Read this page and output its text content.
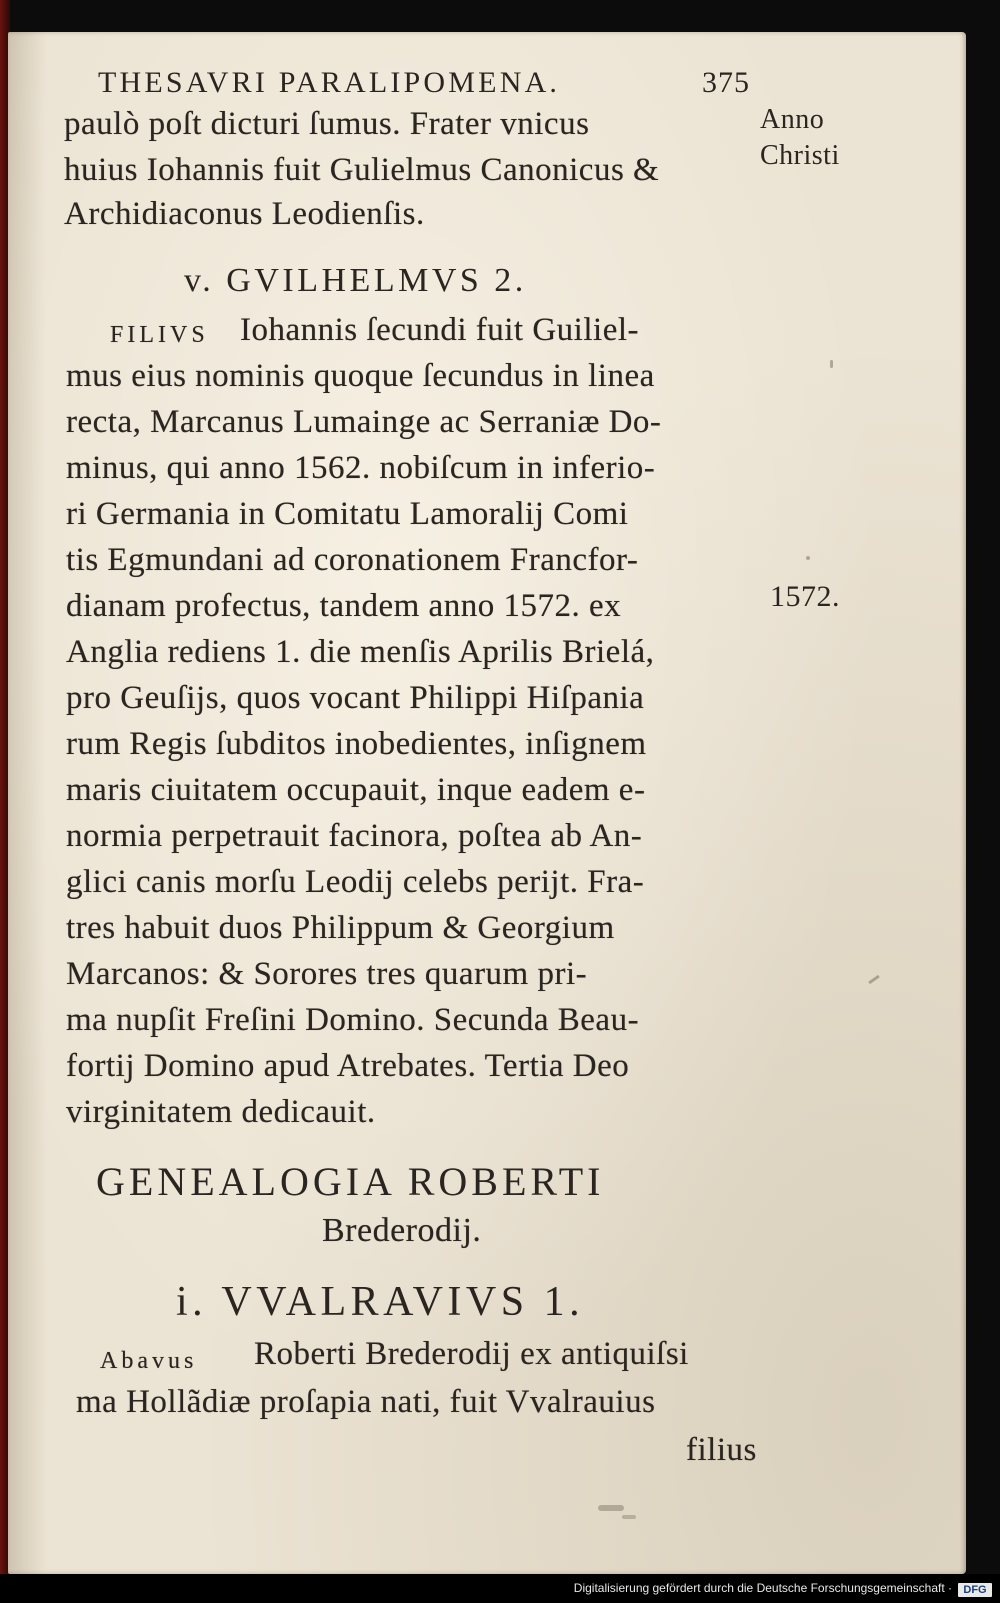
THESAVRI PARALIPOMENA.	375
Anno
Christi
1572.
paulò poſt dicturi ſumus. Frater vnicus
huius Iohannis fuit Gulielmus Canonicus &
Archidiaconus Leodienſis.
v. GVILHELMVS 2.
FILIVS Iohannis ſecundi fuit Guiliel-
mus eius nominis quoque ſecundus in linea
recta, Marcanus Lumainge ac Serraniæ Do-
minus, qui anno 1562. nobiſcum in inferio-
ri Germania in Comitatu Lamoralij Comi
tis Egmundani ad coronationem Francfor-
dianam profectus, tandem anno 1572. ex
Anglia rediens 1. die menſis Aprilis Brielá,
pro Geuſijs, quos vocant Philippi Hiſpania
rum Regis ſubditos inobedientes, inſignem
maris ciuitatem occupauit, inque eadem e-
normia perpetrauit facinora, poſtea ab An-
glici canis morſu Leodij celebs perijt. Fra-
tres habuit duos Philippum & Georgium
Marcanos: & Sorores tres quarum pri-
ma nupſit Freſini Domino. Secunda Beau-
fortij Domino apud Atrebates. Tertia Deo
virginitatem dedicauit.
GENEALOGIA ROBERTI
Brederodij.
i. VVALRAVIVS 1.
Abavus Roberti Brederodij ex antiquiſsi
ma Hollãdiæ proſapia nati, fuit Vvalrauius
filius
Digitalisierung gefördert durch die Deutsche Forschungsgemeinschaft ·	DFG
